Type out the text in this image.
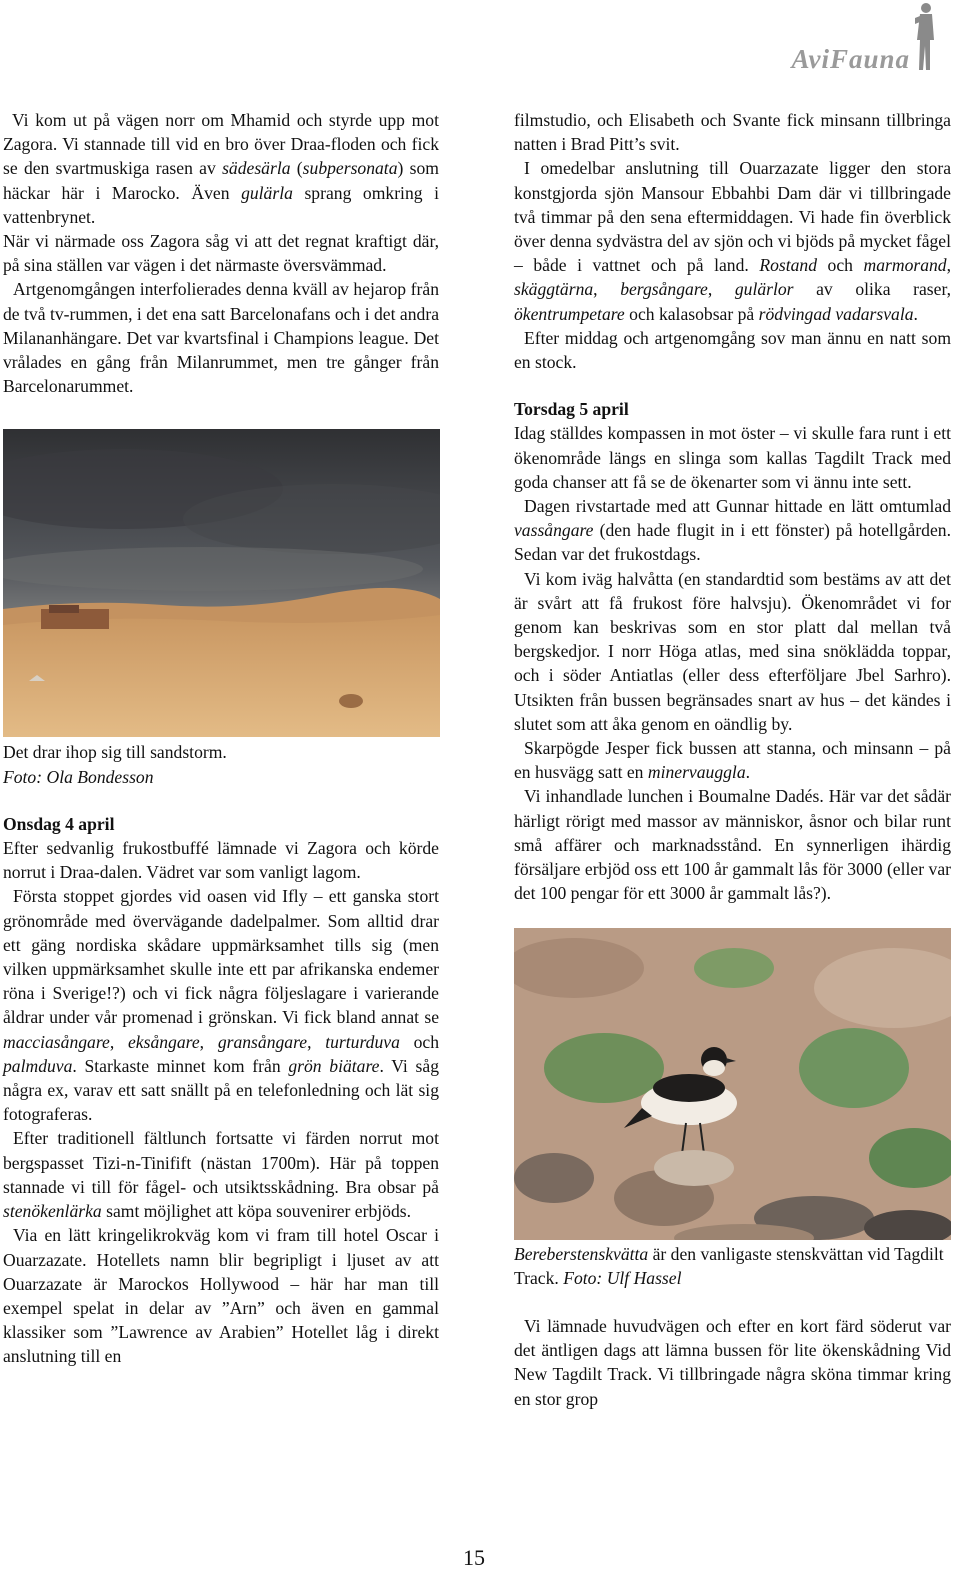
AviFauna

Vi kom ut på vägen norr om Mhamid och styrde upp mot Zagora. Vi stannade till vid en bro över Draa-floden och fick se den svartmuskiga rasen av sädesärla (subpersonata) som häckar här i Marocko. Även gulärla sprang omkring i vattenbrynet.

När vi närmade oss Zagora såg vi att det regnat kraftigt där, på sina ställen var vägen i det närmaste översvämmad.

Artgenomgången interfolierades denna kväll av hejarop från de två tv-rummen, i det ena satt Barcelonafans och i det andra Milananhängare. Det var kvartsfinal i Champions league. Det vrålades en gång från Milanrummet, men tre gånger från Barcelonarummet.

Det drar ihop sig till sandstorm.

Foto: Ola Bondesson

Onsdag 4 april

Efter sedvanlig frukostbuffé lämnade vi Zagora och körde norrut i Draa-dalen. Vädret var som vanligt lagom.

Första stoppet gjordes vid oasen vid Ifly – ett ganska stort grönområde med övervägande dadelpalmer. Som alltid drar ett gäng nordiska skådare uppmärksamhet tills sig (men vilken uppmärksamhet skulle inte ett par afrikanska endemer röna i Sverige!?) och vi fick några följeslagare i varierande åldrar under vår promenad i grönskan. Vi fick bland annat se macciasångare, eksångare, gransångare, turturduva och palmduva. Starkaste minnet kom från grön biätare. Vi såg några ex, varav ett satt snällt på en telefonledning och lät sig fotograferas.

Efter traditionell fältlunch fortsatte vi färden norrut mot bergspasset Tizi-n-Tinifift (nästan 1700m). Här på toppen stannade vi till för fågel- och utsiktsskådning. Bra obsar på stenökenlärka samt möjlighet att köpa souvenirer erbjöds.

Via en lätt kringelikrokväg kom vi fram till hotel Oscar i Ouarzazate. Hotellets namn blir begripligt i ljuset av att Ouarzazate är Marockos Hollywood – här har man till exempel spelat in delar av ”Arn” och även en gammal klassiker som ”Lawrence av Arabien” Hotellet låg i direkt anslutning till en

filmstudio, och Elisabeth och Svante fick minsann tillbringa natten i Brad Pitt’s svit.

I omedelbar anslutning till Ouarzazate ligger den stora konstgjorda sjön Mansour Ebbahbi Dam där vi tillbringade två timmar på den sena eftermiddagen. Vi hade fin överblick över denna sydvästra del av sjön och vi bjöds på mycket fågel – både i vattnet och på land. Rostand och marmorand, skäggtärna, bergsångare, gulärlor av olika raser, ökentrumpetare och kalasobsar på rödvingad vadarsvala.

Efter middag och artgenomgång sov man ännu en natt som en stock.

Torsdag 5 april

Idag ställdes kompassen in mot öster – vi skulle fara runt i ett ökenområde längs en slinga som kallas Tagdilt Track med goda chanser att få se de ökenarter som vi ännu inte sett.

Dagen rivstartade med att Gunnar hittade en lätt omtumlad vassångare (den hade flugit in i ett fönster) på hotellgården. Sedan var det frukostdags.

Vi kom iväg halvåtta (en standardtid som bestäms av att det är svårt att få frukost före halvsju). Ökenområdet vi for genom kan beskrivas som en stor platt dal mellan två bergskedjor. I norr Höga atlas, med sina snöklädda toppar, och i söder Antiatlas (eller dess efterföljare Jbel Sarhro). Utsikten från bussen begränsades snart av hus – det kändes i slutet som att åka genom en oändlig by.

Skarpögde Jesper fick bussen att stanna, och minsann – på en husvägg satt en minervauggla.

Vi inhandlade lunchen i Boumalne Dadés. Här var det sådär härligt rörigt med massor av människor, åsnor och bilar runt små affärer och marknadsstånd. En synnerligen ihärdig försäljare erbjöd oss ett 100 år gammalt lås för 3000 (eller var det 100 pengar för ett 3000 år gammalt lås?).

Bereberstenskvätta är den vanligaste stenskvättan vid Tagdilt Track. Foto: Ulf Hassel

Vi lämnade huvudvägen och efter en kort färd söderut var det äntligen dags att lämna bussen för lite ökenskådning Vid New Tagdilt Track. Vi tillbringade några sköna timmar kring en stor grop

15
